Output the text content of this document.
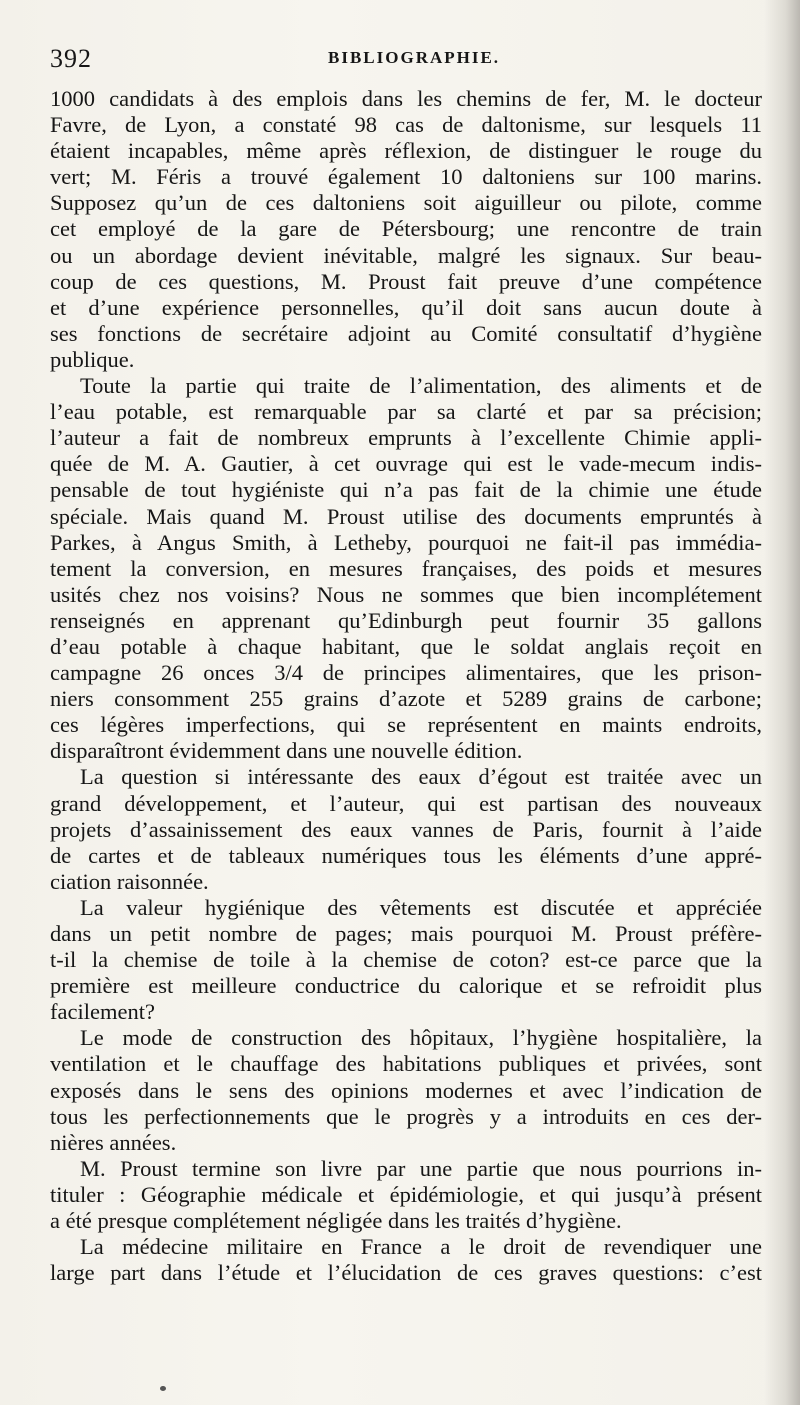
392	BIBLIOGRAPHIE.
1000 candidats à des emplois dans les chemins de fer, M. le docteur
Favre, de Lyon, a constaté 98 cas de daltonisme, sur lesquels 11
étaient incapables, même après réflexion, de distinguer le rouge du
vert; M. Féris a trouvé également 10 daltoniens sur 100 marins.
Supposez qu’un de ces daltoniens soit aiguilleur ou pilote, comme
cet employé de la gare de Pétersbourg; une rencontre de train
ou un abordage devient inévitable, malgré les signaux. Sur beau-
coup de ces questions, M. Proust fait preuve d’une compétence
et d’une expérience personnelles, qu’il doit sans aucun doute à
ses fonctions de secrétaire adjoint au Comité consultatif d’hygiène
publique.
Toute la partie qui traite de l’alimentation, des aliments et de
l’eau potable, est remarquable par sa clarté et par sa précision;
l’auteur a fait de nombreux emprunts à l’excellente Chimie appli-
quée de M. A. Gautier, à cet ouvrage qui est le vade-mecum indis-
pensable de tout hygiéniste qui n’a pas fait de la chimie une étude
spéciale. Mais quand M. Proust utilise des documents empruntés à
Parkes, à Angus Smith, à Letheby, pourquoi ne fait-il pas immédia-
tement la conversion, en mesures françaises, des poids et mesures
usités chez nos voisins? Nous ne sommes que bien incomplétement
renseignés en apprenant qu’Edinburgh peut fournir 35 gallons
d’eau potable à chaque habitant, que le soldat anglais reçoit en
campagne 26 onces 3/4 de principes alimentaires, que les prison-
niers consomment 255 grains d’azote et 5289 grains de carbone;
ces légères imperfections, qui se représentent en maints endroits,
disparaîtront évidemment dans une nouvelle édition.
La question si intéressante des eaux d’égout est traitée avec un
grand développement, et l’auteur, qui est partisan des nouveaux
projets d’assainissement des eaux vannes de Paris, fournit à l’aide
de cartes et de tableaux numériques tous les éléments d’une appré-
ciation raisonnée.
La valeur hygiénique des vêtements est discutée et appréciée
dans un petit nombre de pages; mais pourquoi M. Proust préfère-
t-il la chemise de toile à la chemise de coton? est-ce parce que la
première est meilleure conductrice du calorique et se refroidit plus
facilement?
Le mode de construction des hôpitaux, l’hygiène hospitalière, la
ventilation et le chauffage des habitations publiques et privées, sont
exposés dans le sens des opinions modernes et avec l’indication de
tous les perfectionnements que le progrès y a introduits en ces der-
nières années.
M. Proust termine son livre par une partie que nous pourrions in-
tituler : Géographie médicale et épidémiologie, et qui jusqu’à présent
a été presque complétement négligée dans les traités d’hygiène.
La médecine militaire en France a le droit de revendiquer une
large part dans l’étude et l’élucidation de ces graves questions: c’est
